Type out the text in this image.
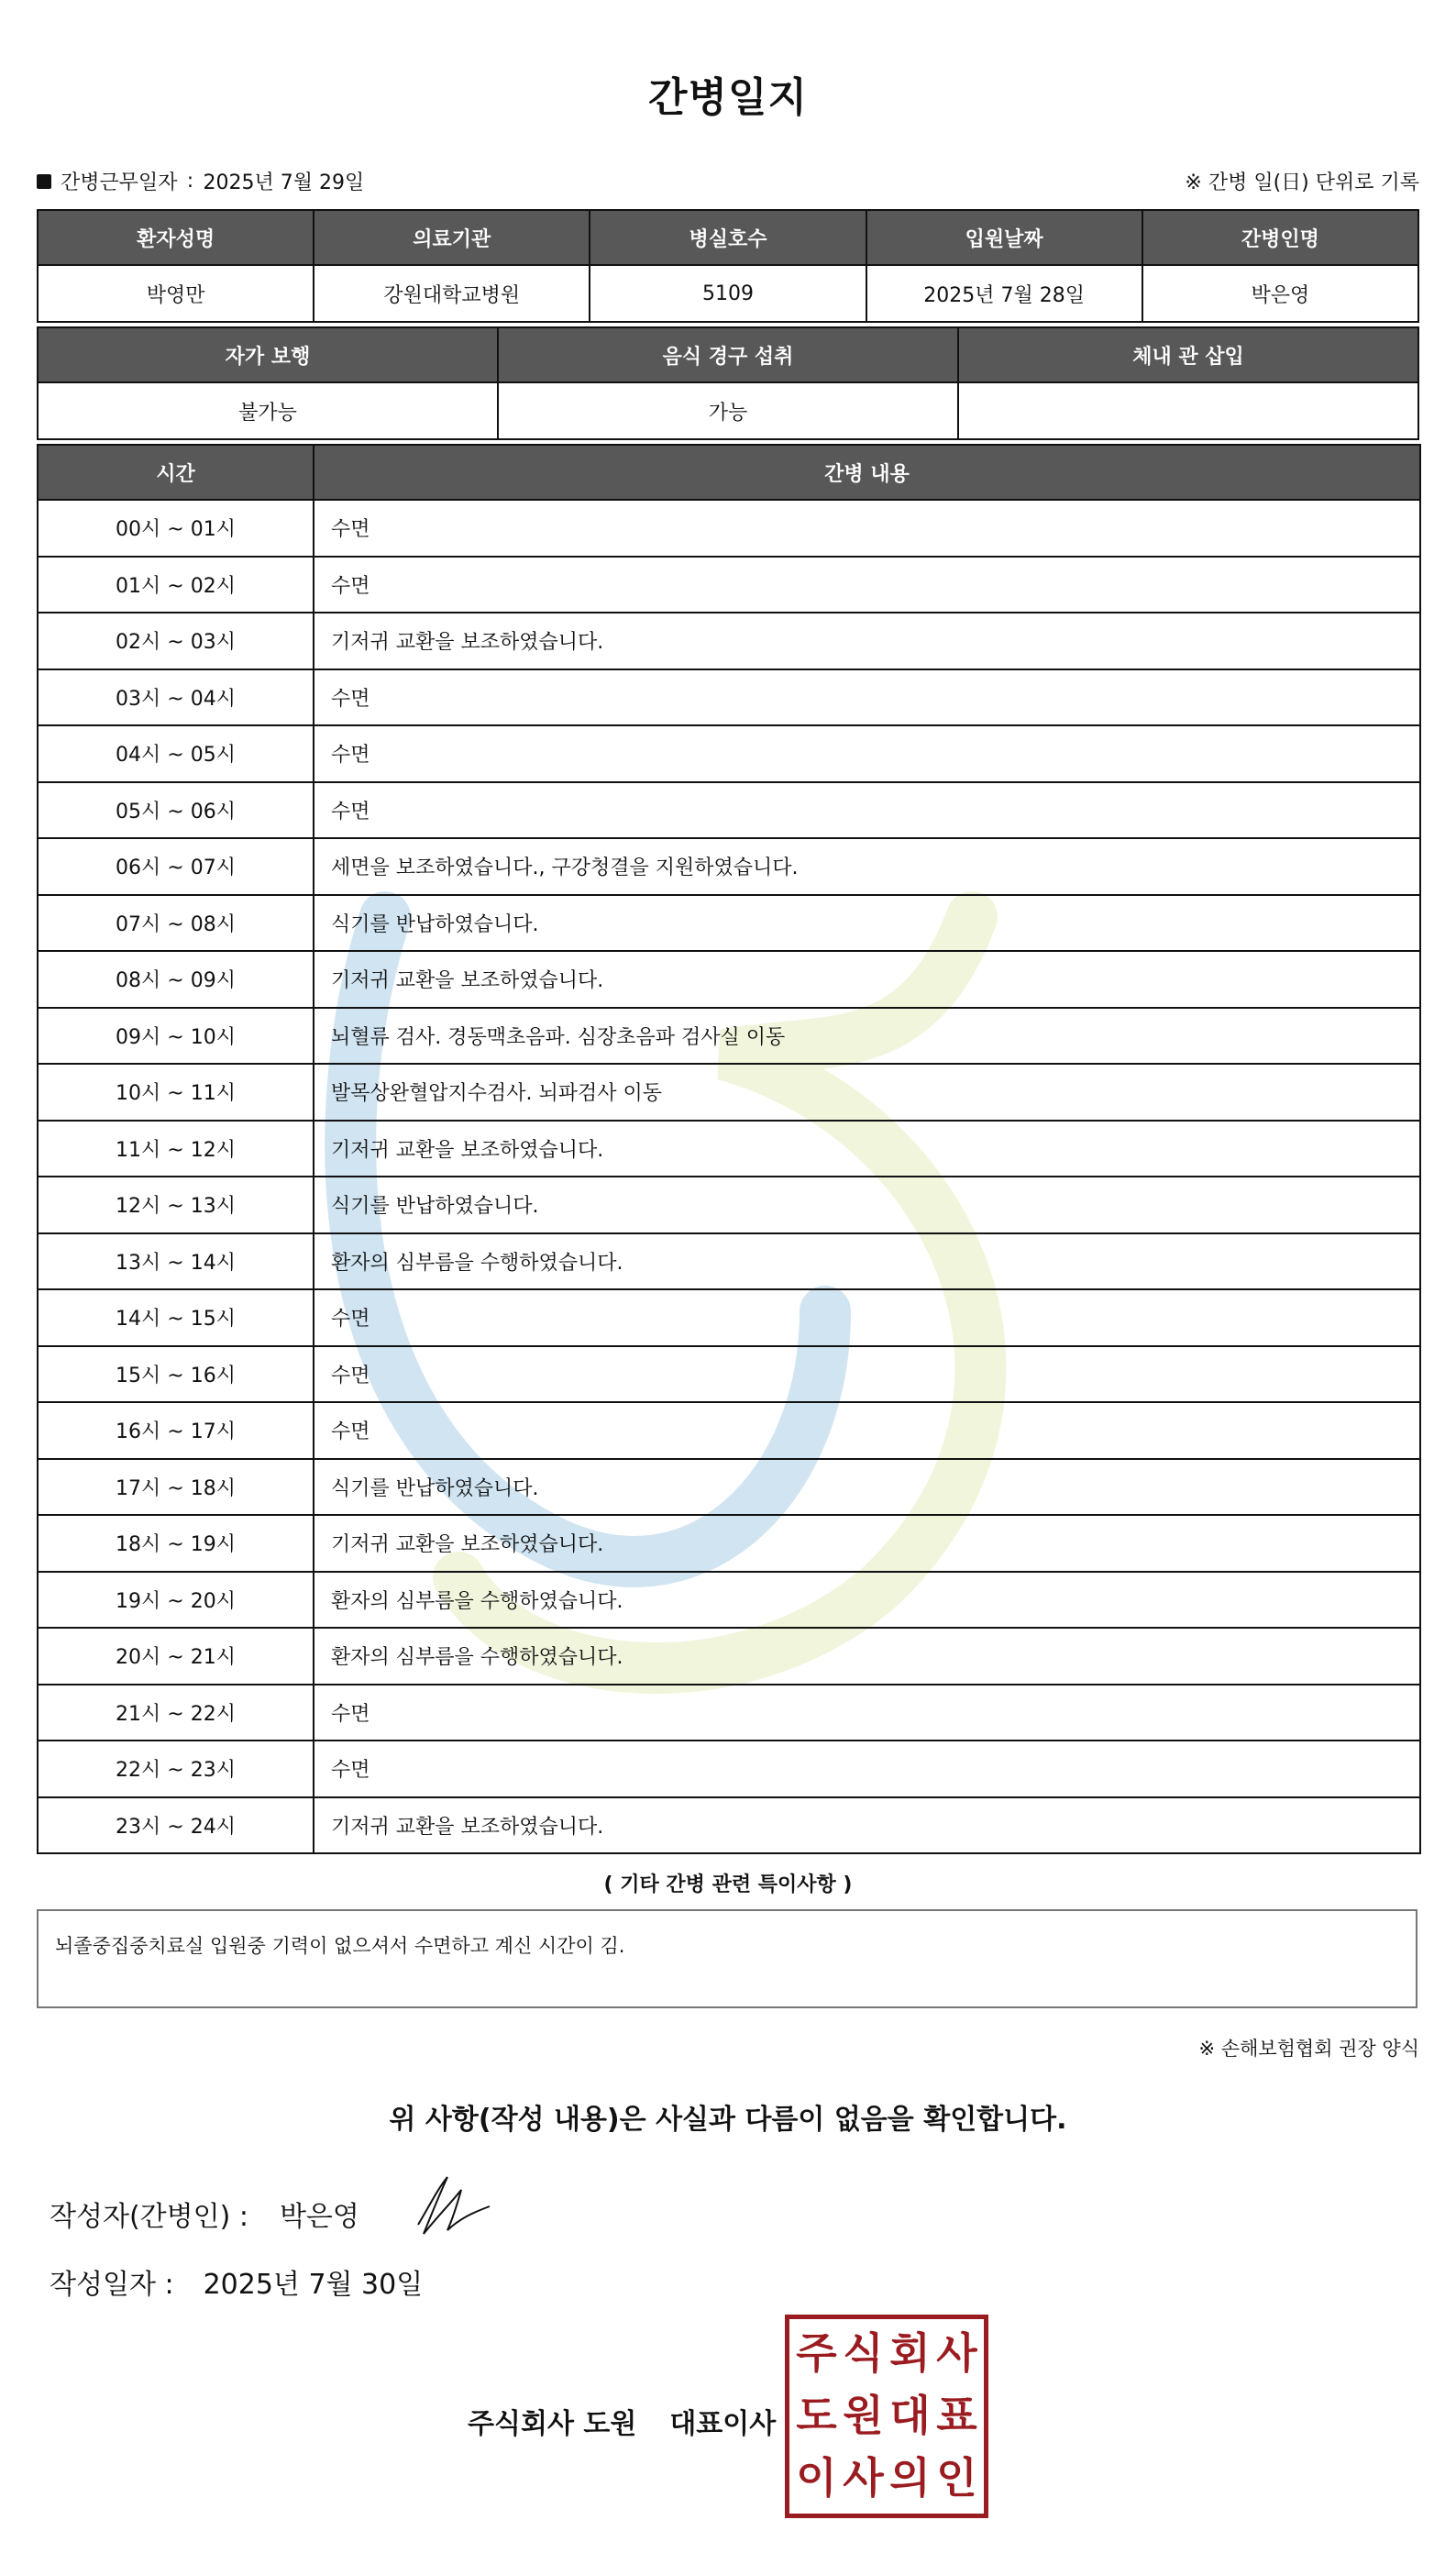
간병일지
간병근무일자 : 2025년 7월 29일	※ 간병 일(日) 단위로 기록
환자성명	의료기관	병실호수	입원날짜	간병인명
박영만	강원대학교병원	5109	2025년 7월 28일	박은영
자가 보행	음식 경구 섭취	체내 관 삽입
불가능	가능	
시간	간병 내용
00시 ~ 01시	수면
01시 ~ 02시	수면
02시 ~ 03시	기저귀 교환을 보조하였습니다.
03시 ~ 04시	수면
04시 ~ 05시	수면
05시 ~ 06시	수면
06시 ~ 07시	세면을 보조하였습니다., 구강청결을 지원하였습니다.
07시 ~ 08시	식기를 반납하였습니다.
08시 ~ 09시	기저귀 교환을 보조하였습니다.
09시 ~ 10시	뇌혈류 검사. 경동맥초음파. 심장초음파 검사실 이동
10시 ~ 11시	발목상완혈압지수검사. 뇌파검사 이동
11시 ~ 12시	기저귀 교환을 보조하였습니다.
12시 ~ 13시	식기를 반납하였습니다.
13시 ~ 14시	환자의 심부름을 수행하였습니다.
14시 ~ 15시	수면
15시 ~ 16시	수면
16시 ~ 17시	수면
17시 ~ 18시	식기를 반납하였습니다.
18시 ~ 19시	기저귀 교환을 보조하였습니다.
19시 ~ 20시	환자의 심부름을 수행하였습니다.
20시 ~ 21시	환자의 심부름을 수행하였습니다.
21시 ~ 22시	수면
22시 ~ 23시	수면
23시 ~ 24시	기저귀 교환을 보조하였습니다.
( 기타 간병 관련 특이사항 )
뇌졸중집중치료실 입원중 기력이 없으셔서 수면하고 계신 시간이 김.
※ 손해보험협회 권장 양식
위 사항(작성 내용)은 사실과 다름이 없음을 확인합니다.
작성자(간병인) : 박은영
작성일자 : 2025년 7월 30일
주식회사 도원 대표이사
주 식 회 사
도 원 대 표
이 사 의 인
